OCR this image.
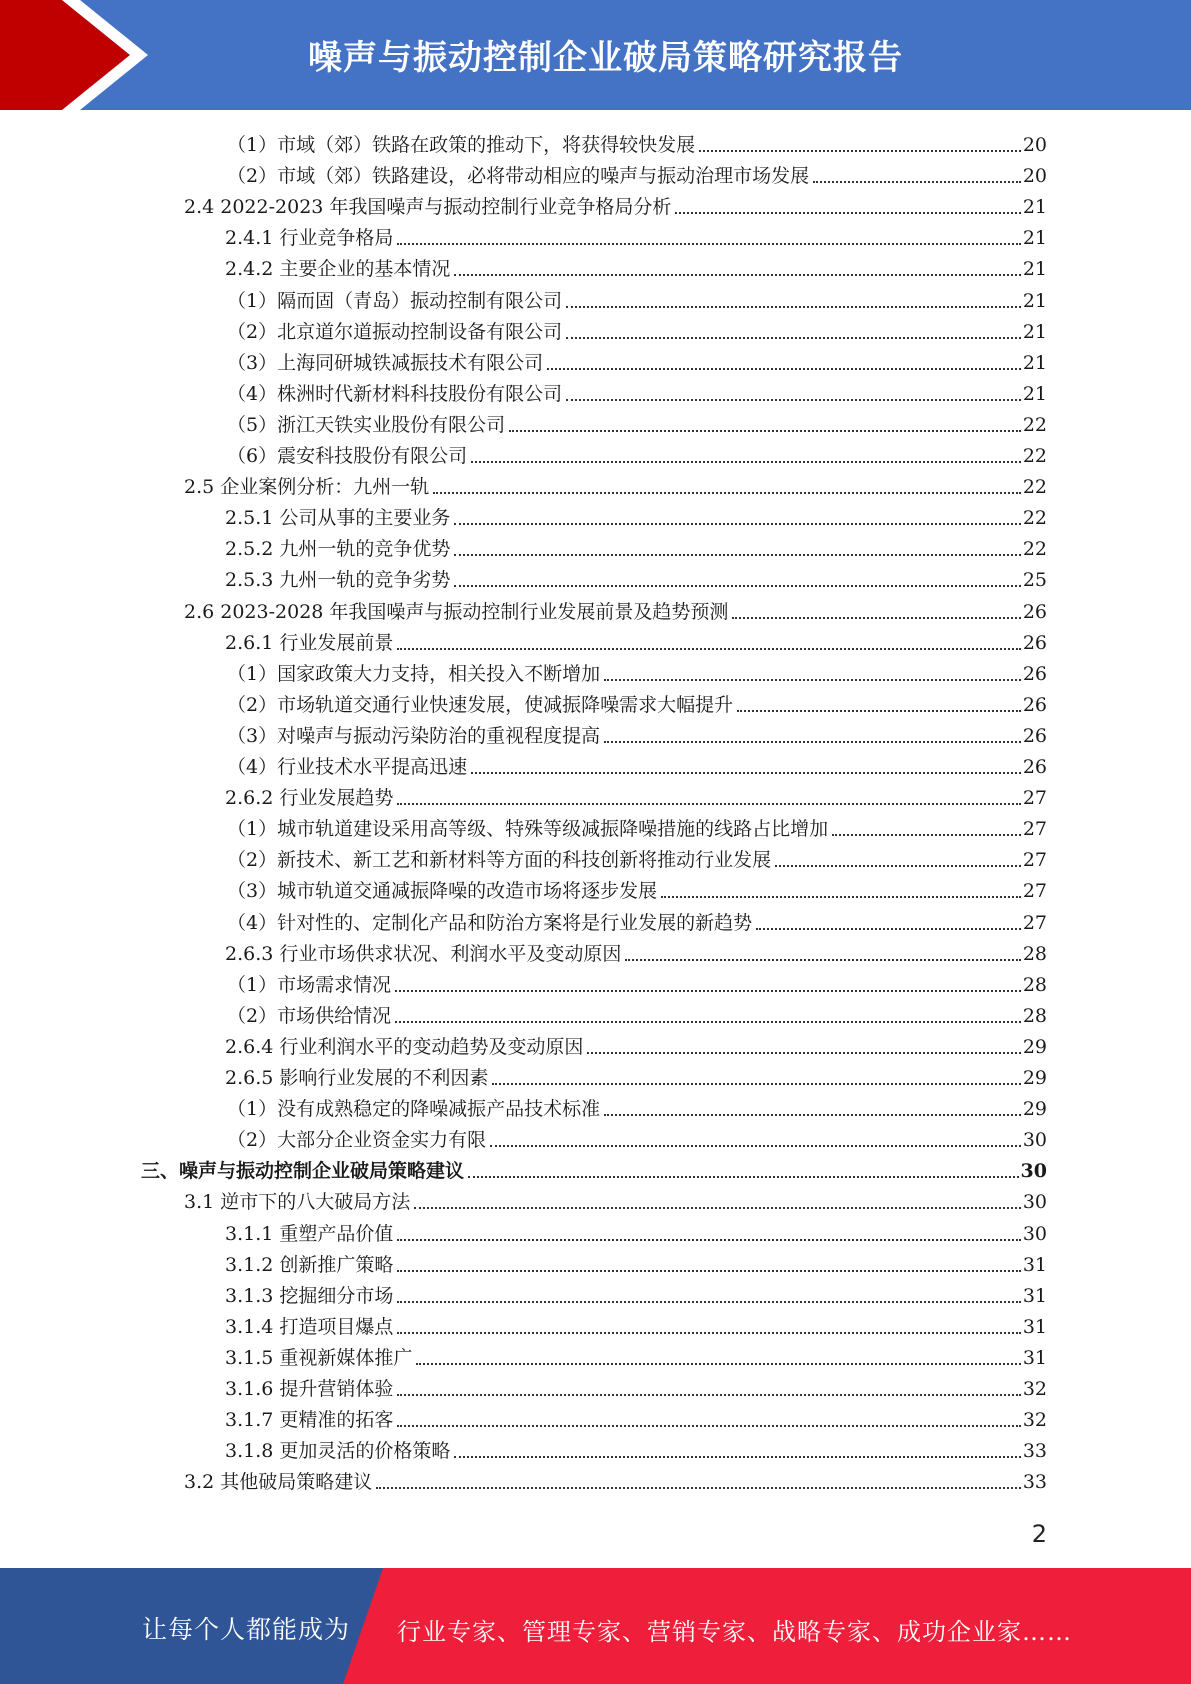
噪声与振动控制企业破局策略研究报告
（1）市域（郊）铁路在政策的推动下，将获得较快发展	20
（2）市域（郊）铁路建设，必将带动相应的噪声与振动治理市场发展	20
2.4 2022-2023 年我国噪声与振动控制行业竞争格局分析	21
2.4.1 行业竞争格局	21
2.4.2 主要企业的基本情况	21
（1）隔而固（青岛）振动控制有限公司	21
（2）北京道尔道振动控制设备有限公司	21
（3）上海同研城铁减振技术有限公司	21
（4）株洲时代新材料科技股份有限公司	21
（5）浙江天铁实业股份有限公司	22
（6）震安科技股份有限公司	22
2.5 企业案例分析：九州一轨	22
2.5.1 公司从事的主要业务	22
2.5.2 九州一轨的竞争优势	22
2.5.3 九州一轨的竞争劣势	25
2.6 2023-2028 年我国噪声与振动控制行业发展前景及趋势预测	26
2.6.1 行业发展前景	26
（1）国家政策大力支持，相关投入不断增加	26
（2）市场轨道交通行业快速发展，使减振降噪需求大幅提升	26
（3）对噪声与振动污染防治的重视程度提高	26
（4）行业技术水平提高迅速	26
2.6.2 行业发展趋势	27
（1）城市轨道建设采用高等级、特殊等级减振降噪措施的线路占比增加	27
（2）新技术、新工艺和新材料等方面的科技创新将推动行业发展	27
（3）城市轨道交通减振降噪的改造市场将逐步发展	27
（4）针对性的、定制化产品和防治方案将是行业发展的新趋势	27
2.6.3 行业市场供求状况、利润水平及变动原因	28
（1）市场需求情况	28
（2）市场供给情况	28
2.6.4 行业利润水平的变动趋势及变动原因	29
2.6.5 影响行业发展的不利因素	29
（1）没有成熟稳定的降噪减振产品技术标准	29
（2）大部分企业资金实力有限	30
三、噪声与振动控制企业破局策略建议	30
3.1 逆市下的八大破局方法	30
3.1.1 重塑产品价值	30
3.1.2 创新推广策略	31
3.1.3 挖掘细分市场	31
3.1.4 打造项目爆点	31
3.1.5 重视新媒体推广	31
3.1.6 提升营销体验	32
3.1.7 更精准的拓客	32
3.1.8 更加灵活的价格策略	33
3.2 其他破局策略建议	33
2
让每个人都能成为 行业专家、管理专家、营销专家、战略专家、成功企业家……
